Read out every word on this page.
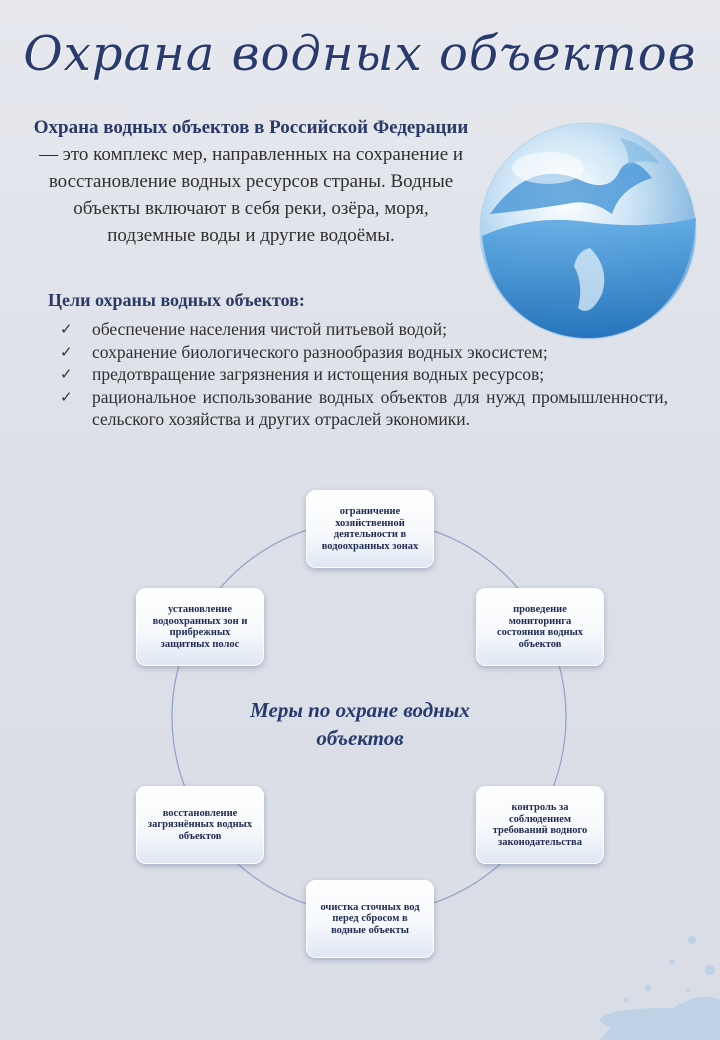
Охрана водных объектов
Охрана водных объектов в Российской Федерации — это комплекс мер, направленных на сохранение и восстановление водных ресурсов страны. Водные объекты включают в себя реки, озёра, моря, подземные воды и другие водоёмы.
Цели охраны водных объектов:
✓	обеспечение населения чистой питьевой водой;
✓	сохранение биологического разнообразия водных экосистем;
✓	предотвращение загрязнения и истощения водных ресурсов;
✓	рациональное использование водных объектов для нужд промышленности, сельского хозяйства и других отраслей экономики.
Меры по охране водных объектов
ограничение хозяйственной деятельности в водоохранных зонах
проведение мониторинга состояния водных объектов
контроль за соблюдением требований водного законодательства
очистка сточных вод перед сбросом в водные объекты
восстановление загрязнённых водных объектов
установление водоохранных зон и прибрежных защитных полос
